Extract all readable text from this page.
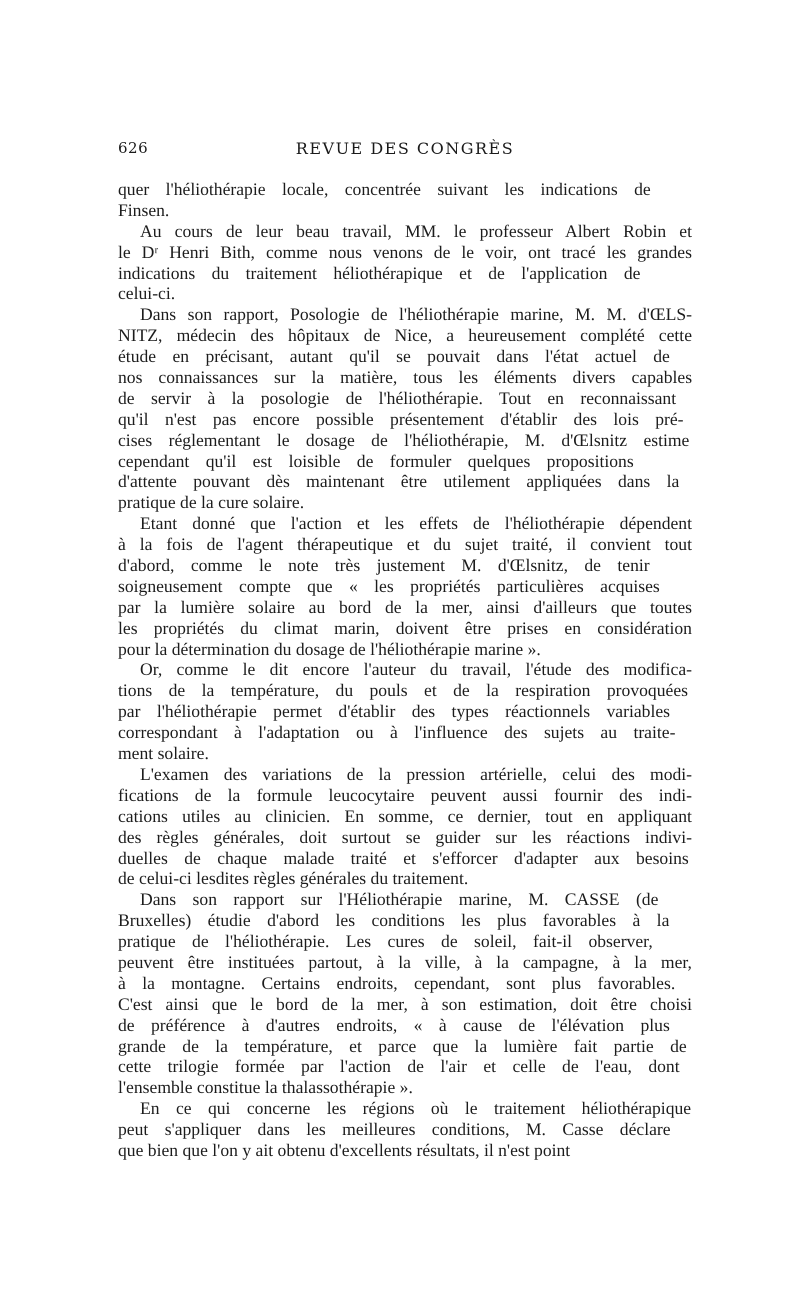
626	REVUE DES CONGRÈS
quer l'héliothérapie locale, concentrée suivant les indications de
Finsen.
Au cours de leur beau travail, MM. le professeur Albert Robin et
le Dʳ Henri Bith, comme nous venons de le voir, ont tracé les grandes
indications du traitement héliothérapique et de l'application de
celui-ci.
Dans son rapport, Posologie de l'héliothérapie marine, M. M. d'ŒLS-
NITZ, médecin des hôpitaux de Nice, a heureusement complété cette
étude en précisant, autant qu'il se pouvait dans l'état actuel de
nos connaissances sur la matière, tous les éléments divers capables
de servir à la posologie de l'héliothérapie. Tout en reconnaissant
qu'il n'est pas encore possible présentement d'établir des lois pré-
cises réglementant le dosage de l'héliothérapie, M. d'Œlsnitz estime
cependant qu'il est loisible de formuler quelques propositions
d'attente pouvant dès maintenant être utilement appliquées dans la
pratique de la cure solaire.
Etant donné que l'action et les effets de l'héliothérapie dépendent
à la fois de l'agent thérapeutique et du sujet traité, il convient tout
d'abord, comme le note très justement M. d'Œlsnitz, de tenir
soigneusement compte que « les propriétés particulières acquises
par la lumière solaire au bord de la mer, ainsi d'ailleurs que toutes
les propriétés du climat marin, doivent être prises en considération
pour la détermination du dosage de l'héliothérapie marine ».
Or, comme le dit encore l'auteur du travail, l'étude des modifica-
tions de la température, du pouls et de la respiration provoquées
par l'héliothérapie permet d'établir des types réactionnels variables
correspondant à l'adaptation ou à l'influence des sujets au traite-
ment solaire.
L'examen des variations de la pression artérielle, celui des modi-
fications de la formule leucocytaire peuvent aussi fournir des indi-
cations utiles au clinicien. En somme, ce dernier, tout en appliquant
des règles générales, doit surtout se guider sur les réactions indivi-
duelles de chaque malade traité et s'efforcer d'adapter aux besoins
de celui-ci lesdites règles générales du traitement.
Dans son rapport sur l'Héliothérapie marine, M. CASSE (de
Bruxelles) étudie d'abord les conditions les plus favorables à la
pratique de l'héliothérapie. Les cures de soleil, fait-il observer,
peuvent être instituées partout, à la ville, à la campagne, à la mer,
à la montagne. Certains endroits, cependant, sont plus favorables.
C'est ainsi que le bord de la mer, à son estimation, doit être choisi
de préférence à d'autres endroits, « à cause de l'élévation plus
grande de la température, et parce que la lumière fait partie de
cette trilogie formée par l'action de l'air et celle de l'eau, dont
l'ensemble constitue la thalassothérapie ».
En ce qui concerne les régions où le traitement héliothérapique
peut s'appliquer dans les meilleures conditions, M. Casse déclare
que bien que l'on y ait obtenu d'excellents résultats, il n'est point
